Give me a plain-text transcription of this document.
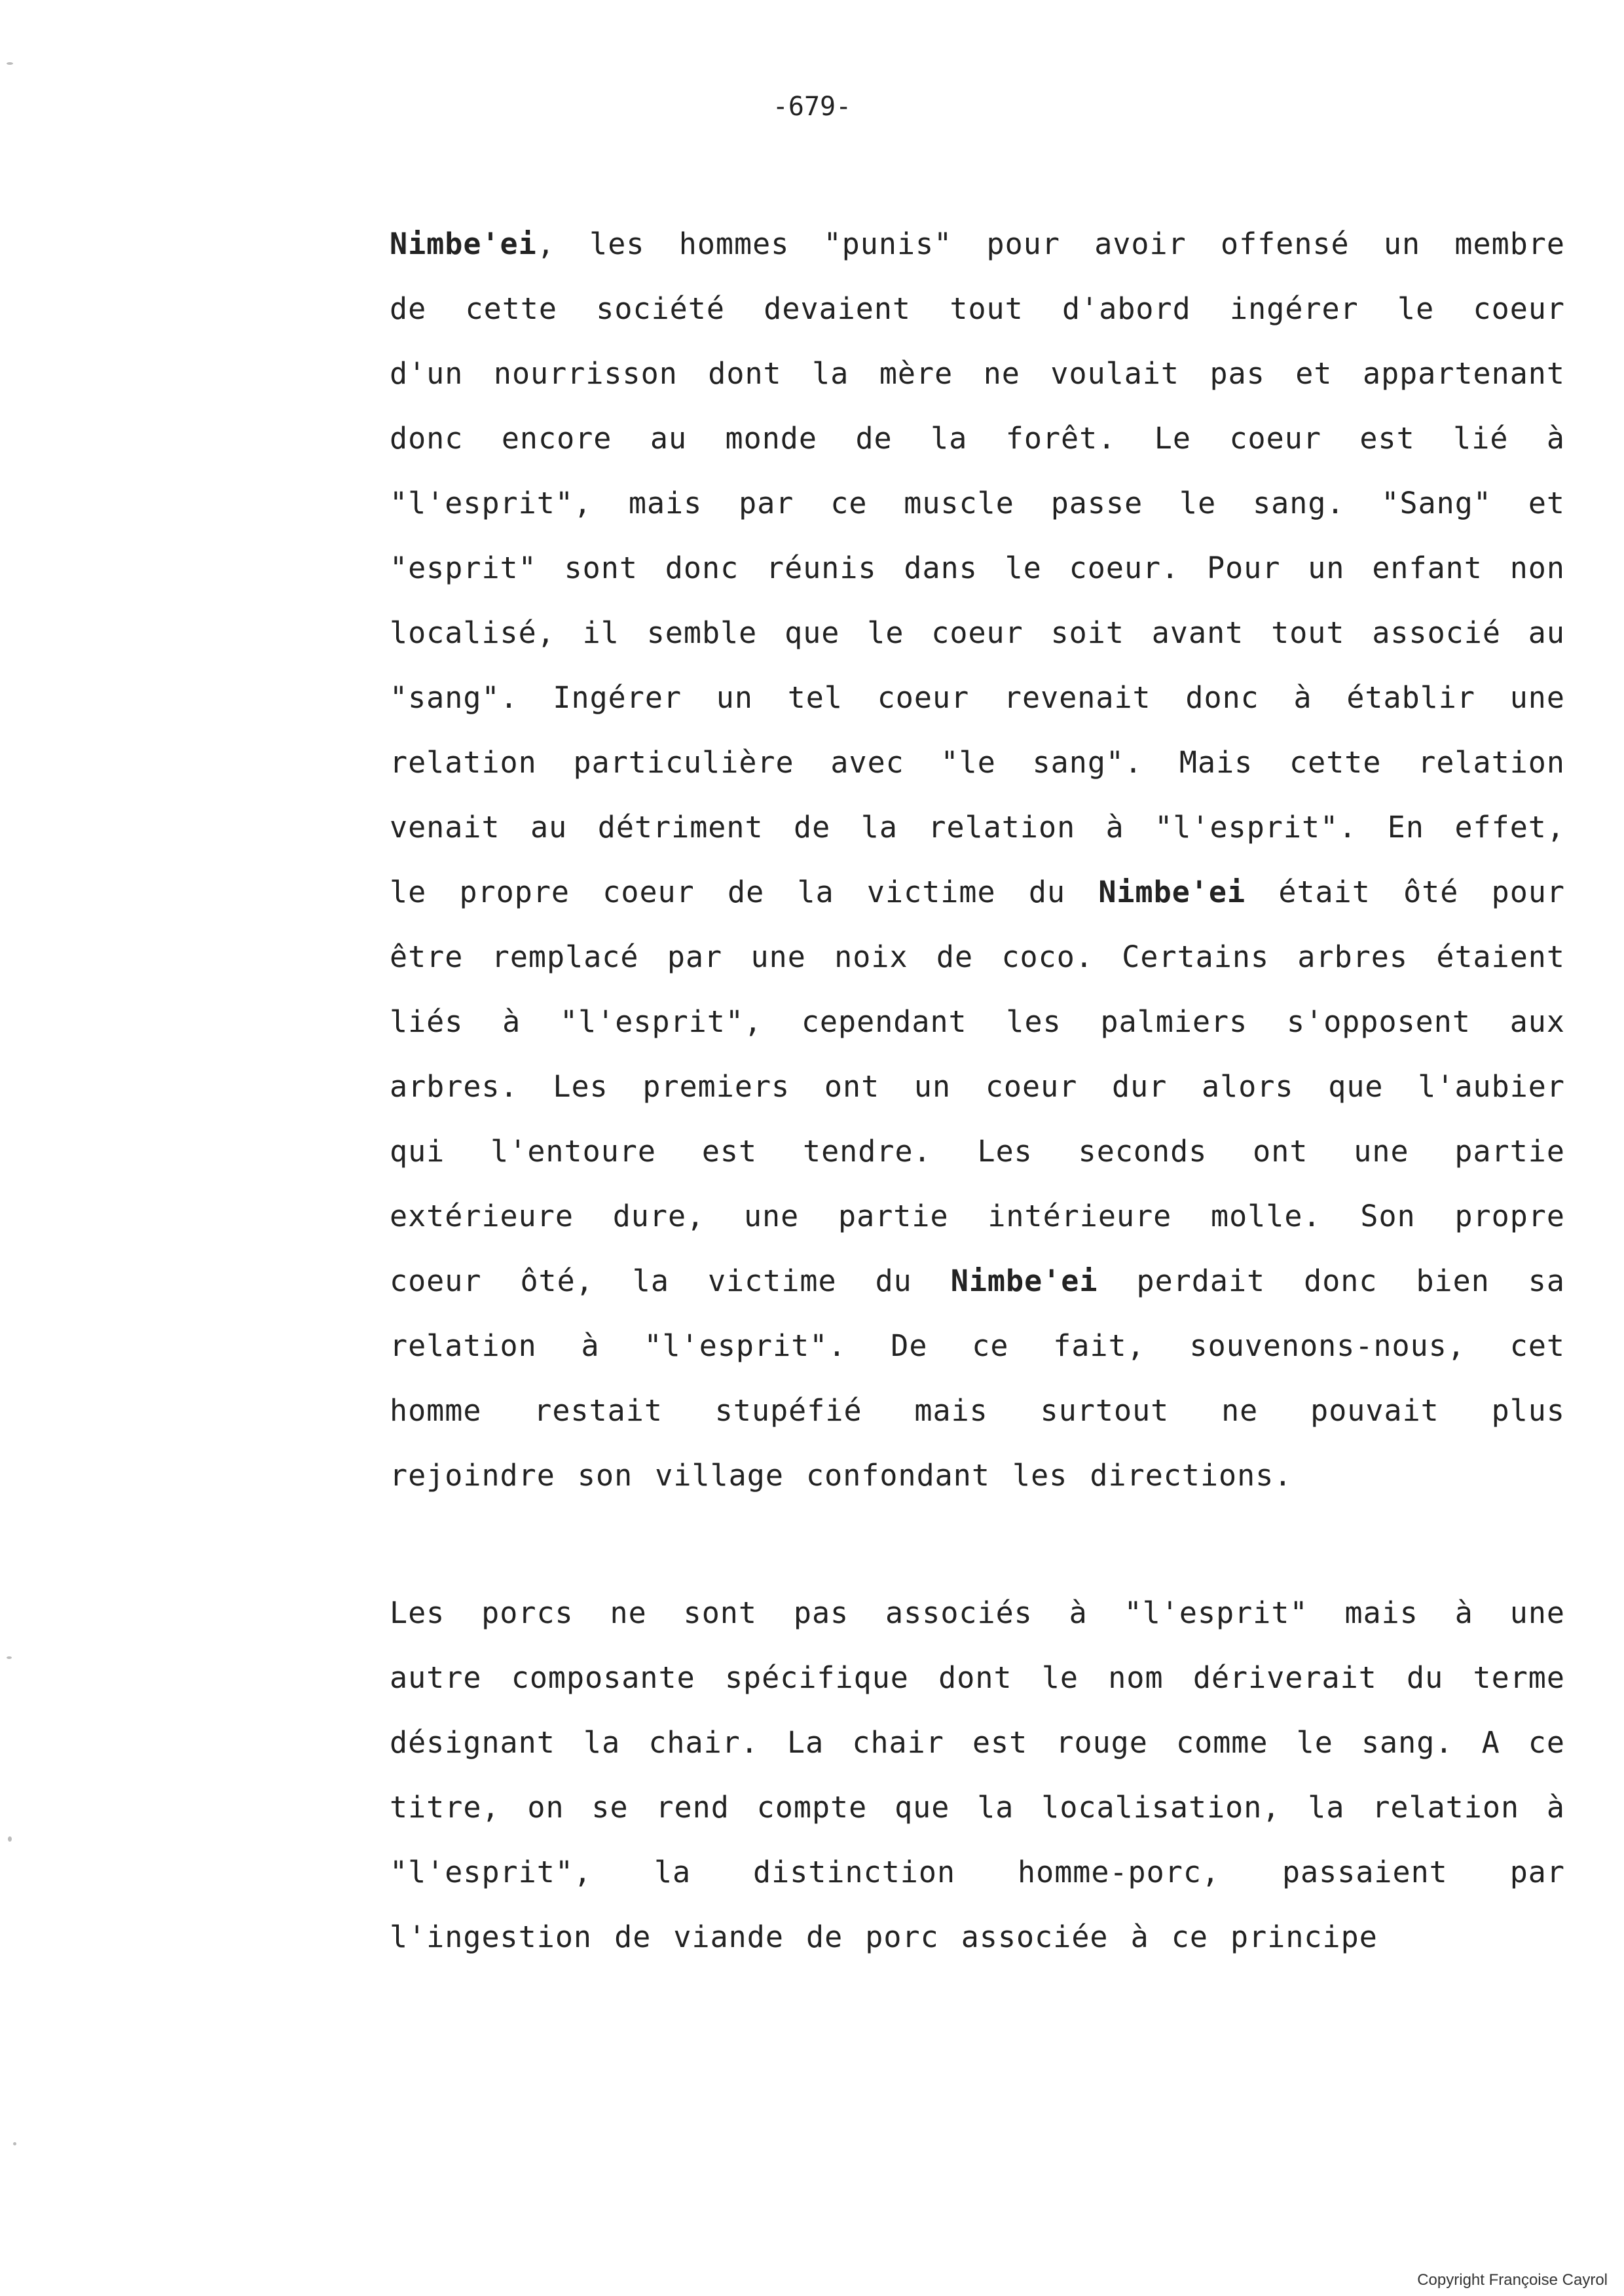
-679-
Nimbe'ei, les hommes "punis" pour avoir offensé un membre
de cette société devaient tout d'abord ingérer le coeur
d'un nourrisson dont la mère ne voulait pas et appartenant
donc encore au monde de la forêt. Le coeur est lié à
"l'esprit", mais par ce muscle passe le sang. "Sang" et
"esprit" sont donc réunis dans le coeur. Pour un enfant non
localisé, il semble que le coeur soit avant tout associé au
"sang". Ingérer un tel coeur revenait donc à établir une
relation particulière avec "le sang". Mais cette relation
venait au détriment de la relation à "l'esprit". En effet,
le propre coeur de la victime du Nimbe'ei était ôté pour
être remplacé par une noix de coco. Certains arbres étaient
liés à "l'esprit", cependant les palmiers s'opposent aux
arbres. Les premiers ont un coeur dur alors que l'aubier
qui l'entoure est tendre. Les seconds ont une partie
extérieure dure, une partie intérieure molle. Son propre
coeur ôté, la victime du Nimbe'ei perdait donc bien sa
relation à "l'esprit". De ce fait, souvenons-nous, cet
homme restait stupéfié mais surtout ne pouvait plus
rejoindre son village confondant les directions.
Les porcs ne sont pas associés à "l'esprit" mais à une
autre composante spécifique dont le nom dériverait du terme
désignant la chair. La chair est rouge comme le sang. A ce
titre, on se rend compte que la localisation, la relation à
"l'esprit", la distinction homme-porc, passaient par
l'ingestion de viande de porc associée à ce principe
Copyright Françoise Cayrol
